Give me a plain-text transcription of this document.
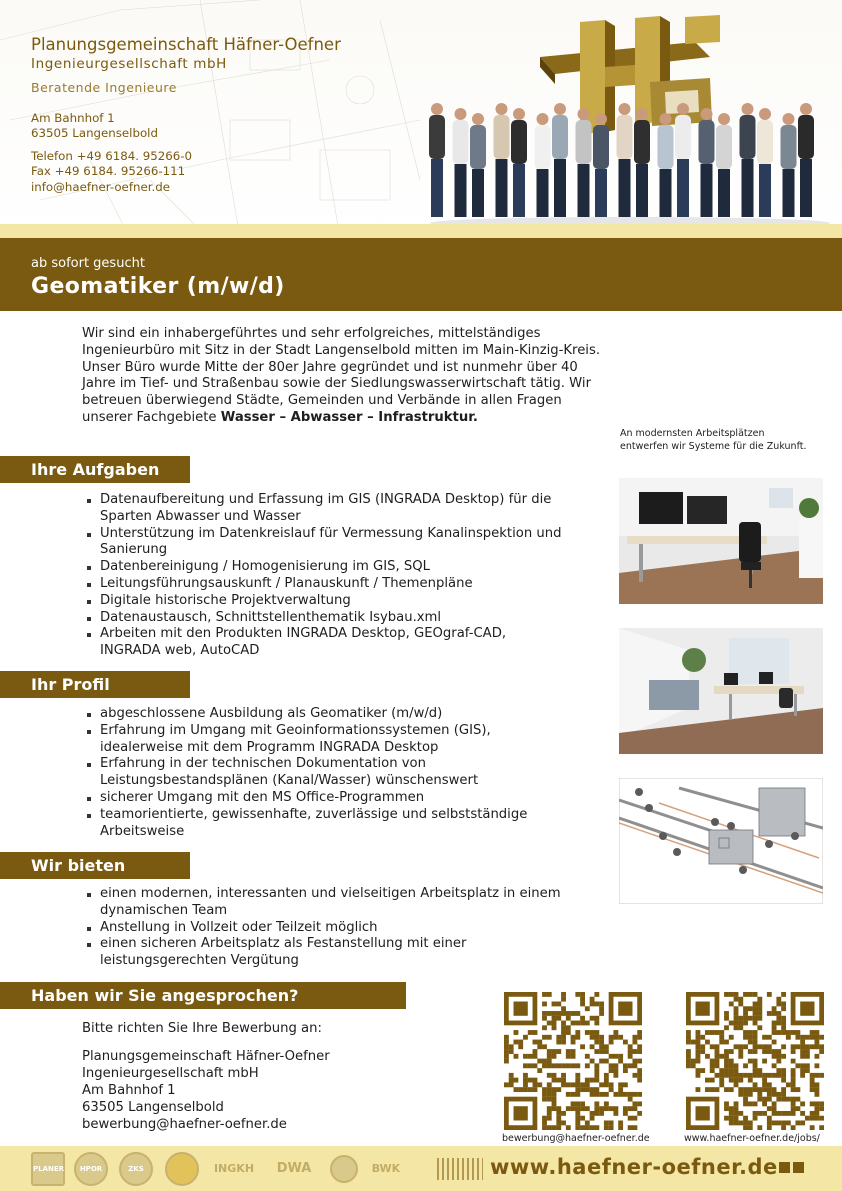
Planungsgemeinschaft Häfner-Oefner
Ingenieurgesellschaft mbH
Beratende Ingenieure
Am Bahnhof 1
63505 Langenselbold
Telefon +49 6184. 95266-0
Fax +49 6184. 95266-111
info@haefner-oefner.de
ab sofort gesucht
Geomatiker (m/w/d)
Wir sind ein inhabergeführtes und sehr erfolgreiches, mittelständiges Ingenieurbüro mit Sitz in der Stadt Langenselbold mitten im Main-Kinzig-Kreis. Unser Büro wurde Mitte der 80er Jahre gegründet und ist nunmehr über 40 Jahre im Tief- und Straßenbau sowie der Siedlungswasserwirtschaft tätig. Wir betreuen überwiegend Städte, Gemeinden und Verbände in allen Fragen unserer Fachgebiete Wasser – Abwasser – Infrastruktur.
An modernsten Arbeitsplätzen entwerfen wir Systeme für die Zukunft.
Ihre Aufgaben
Datenaufbereitung und Erfassung im GIS (INGRADA Desktop) für die Sparten Abwasser und Wasser
Unterstützung im Datenkreislauf für Vermessung Kanalinspektion und Sanierung
Datenbereinigung / Homogenisierung im GIS, SQL
Leitungsführungsauskunft / Planauskunft / Themenpläne
Digitale historische Projektverwaltung
Datenaustausch, Schnittstellenthematik Isybau.xml
Arbeiten mit den Produkten INGRADA Desktop, GEOgraf-CAD, INGRADA web, AutoCAD
Ihr Profil
abgeschlossene Ausbildung als Geomatiker (m/w/d)
Erfahrung im Umgang mit Geoinformationssystemen (GIS), idealerweise mit dem Programm INGRADA Desktop
Erfahrung in der technischen Dokumentation von Leistungsbestandsplänen (Kanal/Wasser) wünschenswert
sicherer Umgang mit den MS Office-Programmen
teamorientierte, gewissenhafte, zuverlässige und selbstständige Arbeitsweise
Wir bieten
einen modernen, interessanten und vielseitigen Arbeitsplatz in einem dynamischen Team
Anstellung in Vollzeit oder Teilzeit möglich
einen sicheren Arbeitsplatz als Festanstellung mit einer leistungsgerechten Vergütung
Haben wir Sie angesprochen?
Bitte richten Sie Ihre Bewerbung an:
Planungsgemeinschaft Häfner-Oefner
Ingenieurgesellschaft mbH
Am Bahnhof 1
63505 Langenselbold
bewerbung@haefner-oefner.de
bewerbung@haefner-oefner.de	www.haefner-oefner.de/jobs/
PLANER	HPOR	ZKS	INGKH DWA	BWK	www.haefner-oefner.de
